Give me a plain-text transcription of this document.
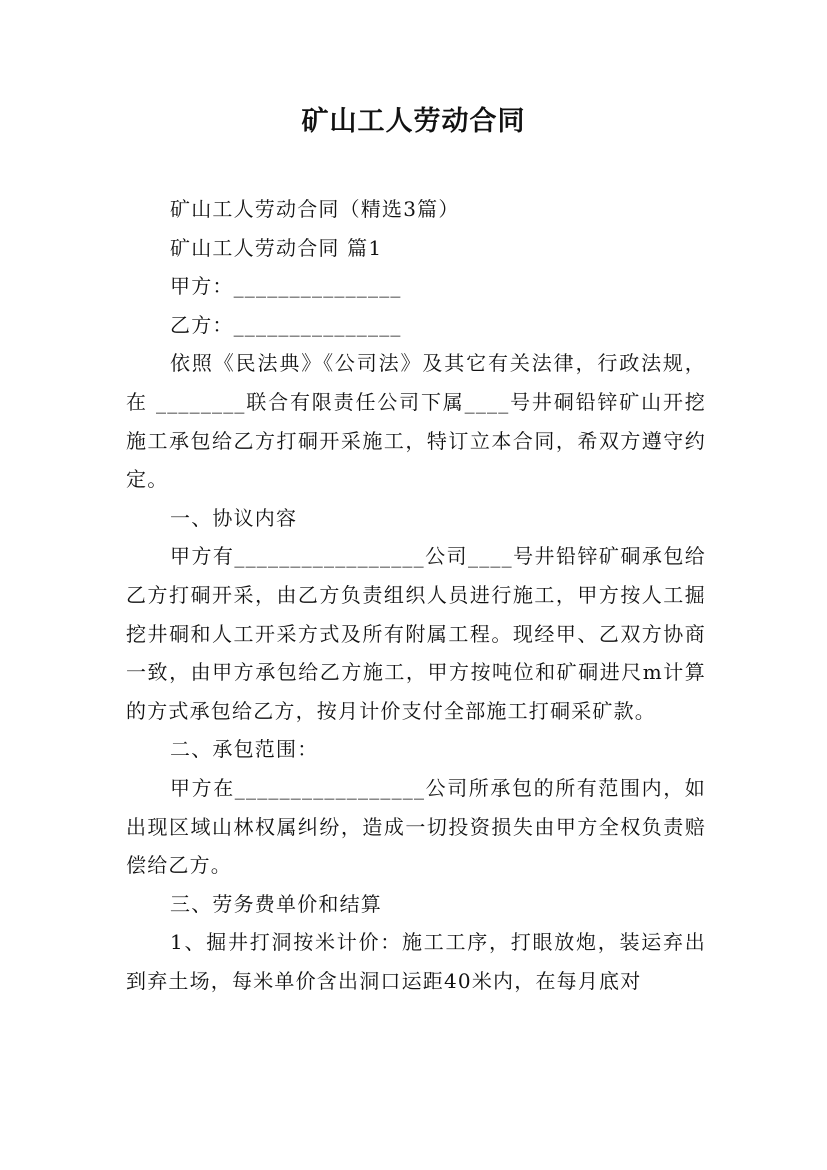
矿山工人劳动合同

矿山工人劳动合同（精选3篇）

矿山工人劳动合同 篇1

甲方：_______________

乙方：_______________

依照《民法典》《公司法》及其它有关法律，行政法规，在 ________联合有限责任公司下属____号井硐铅锌矿山开挖施工承包给乙方打硐开采施工，特订立本合同，希双方遵守约定。

一、协议内容

甲方有_________________公司____号井铅锌矿硐承包给乙方打硐开采，由乙方负责组织人员进行施工，甲方按人工掘挖井硐和人工开采方式及所有附属工程。现经甲、乙双方协商一致，由甲方承包给乙方施工，甲方按吨位和矿硐进尺m计算的方式承包给乙方，按月计价支付全部施工打硐采矿款。

二、承包范围：

甲方在_________________公司所承包的所有范围内，如出现区域山林权属纠纷，造成一切投资损失由甲方全权负责赔偿给乙方。

三、劳务费单价和结算

1、掘井打洞按米计价：施工工序，打眼放炮，装运弃出到弃土场，每米单价含出洞口运距40米内，在每月底对
